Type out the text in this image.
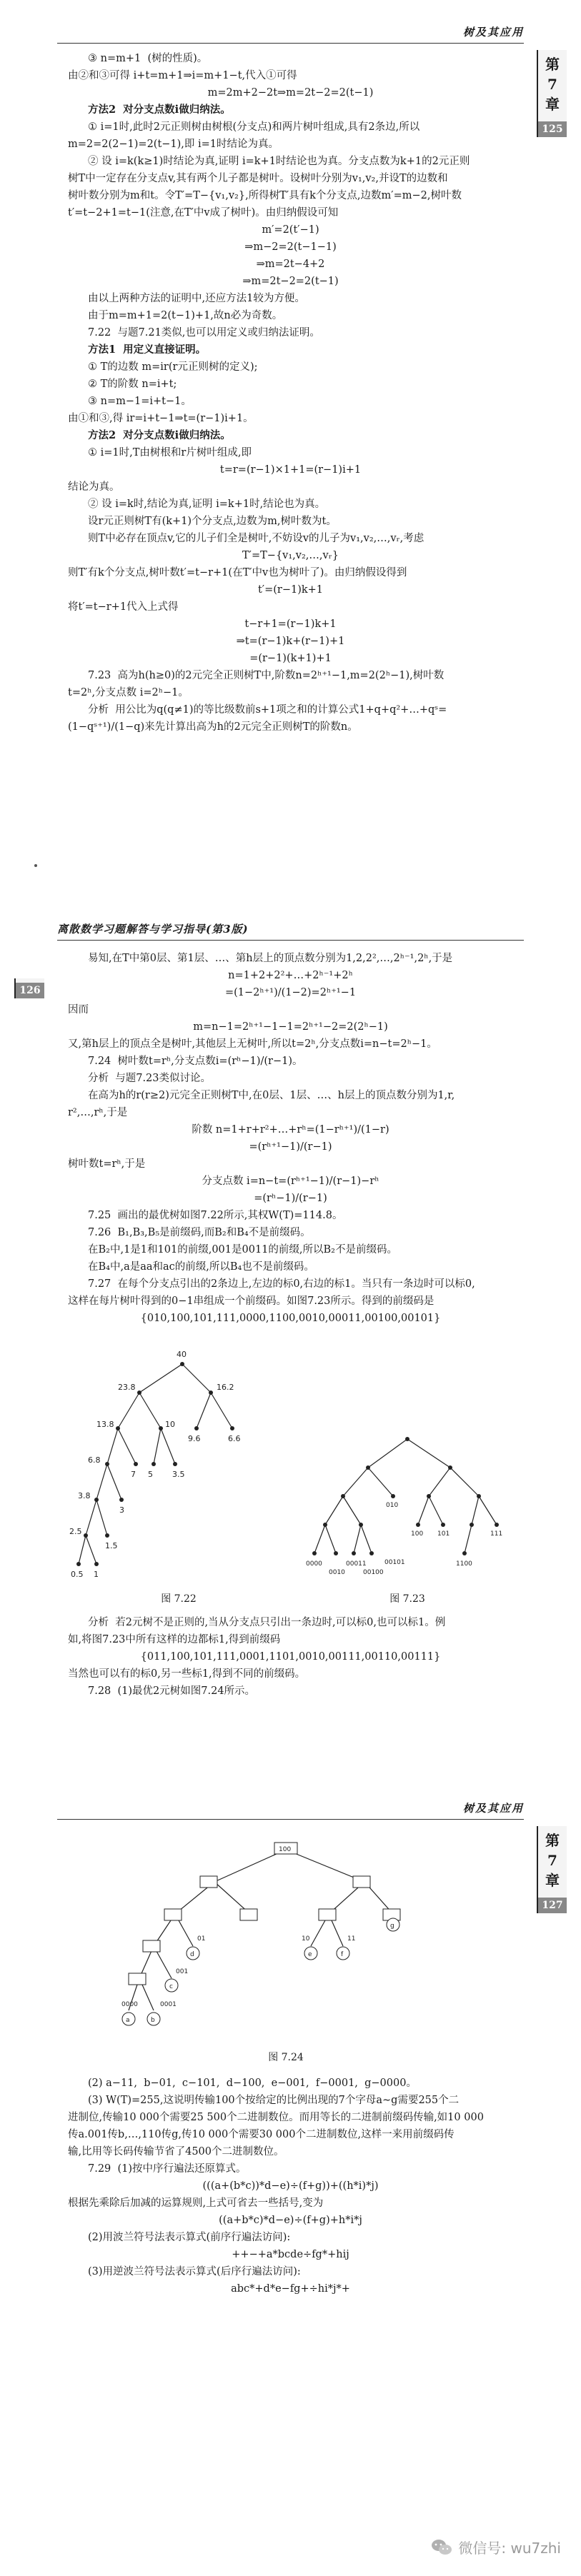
树及其应用
第
7
章
125

③ n=m+1  (树的性质)。

由②和③可得 i+t=m+1⇒i=m+1−t,代入①可得

m=2m+2−2t⇒m=2t−2=2(t−1)

方法2  对分支点数i做归纳法。

① i=1时,此时2元正则树由树根(分支点)和两片树叶组成,具有2条边,所以

m=2=2(2−1)=2(t−1),即 i=1时结论为真。

② 设 i=k(k≥1)时结论为真,证明 i=k+1时结论也为真。分支点数为k+1的2元正则

树T中一定存在分支点v,其有两个儿子都是树叶。设树叶分别为v₁,v₂,并设T的边数和

树叶数分别为m和t。令T′=T−{v₁,v₂},所得树T′具有k个分支点,边数m′=m−2,树叶数

t′=t−2+1=t−1(注意,在T′中v成了树叶)。由归纳假设可知

m′=2(t′−1)

⇒m−2=2(t−1−1)

⇒m=2t−4+2

⇒m=2t−2=2(t−1)

由以上两种方法的证明中,还应方法1较为方便。

由于m=m+1=2(t−1)+1,故n必为奇数。

7.22  与题7.21类似,也可以用定义或归纳法证明。

方法1  用定义直接证明。

① T的边数 m=ir(r元正则树的定义);

② T的阶数 n=i+t;

③ n=m−1=i+t−1。

由①和③,得 ir=i+t−1⇒t=(r−1)i+1。

方法2  对分支点数i做归纳法。

① i=1时,T由树根和r片树叶组成,即

t=r=(r−1)×1+1=(r−1)i+1

结论为真。

② 设 i=k时,结论为真,证明 i=k+1时,结论也为真。

设r元正则树T有(k+1)个分支点,边数为m,树叶数为t。

则T中必存在顶点v,它的儿子们全是树叶,不妨设v的儿子为v₁,v₂,…,vᵣ,考虑

T′=T−{v₁,v₂,…,vᵣ}

则T′有k个分支点,树叶数t′=t−r+1(在T′中v也为树叶了)。由归纳假设得到

t′=(r−1)k+1

将t′=t−r+1代入上式得

t−r+1=(r−1)k+1

⇒t=(r−1)k+(r−1)+1

=(r−1)(k+1)+1

7.23  高为h(h≥0)的2元完全正则树T中,阶数n=2ʰ⁺¹−1,m=2(2ʰ−1),树叶数

t=2ʰ,分支点数 i=2ʰ−1。

分析  用公比为q(q≠1)的等比级数前s+1项之和的计算公式1+q+q²+…+qˢ=

(1−qˢ⁺¹)/(1−q)来先计算出高为h的2元完全正则树T的阶数n。

离散数学习题解答与学习指导(第3版)
126

易知,在T中第0层、第1层、…、第h层上的顶点数分别为1,2,2²,…,2ʰ⁻¹,2ʰ,于是

n=1+2+2²+…+2ʰ⁻¹+2ʰ

=(1−2ʰ⁺¹)/(1−2)=2ʰ⁺¹−1

因而

m=n−1=2ʰ⁺¹−1−1=2ʰ⁺¹−2=2(2ʰ−1)

又,第h层上的顶点全是树叶,其他层上无树叶,所以t=2ʰ,分支点数i=n−t=2ʰ−1。

7.24  树叶数t=rʰ,分支点数i=(rʰ−1)/(r−1)。

分析  与题7.23类似讨论。

在高为h的r(r≥2)元完全正则树T中,在0层、1层、…、h层上的顶点数分别为1,r,

r²,…,rʰ,于是

阶数 n=1+r+r²+…+rʰ=(1−rʰ⁺¹)/(1−r)

=(rʰ⁺¹−1)/(r−1)

树叶数t=rʰ,于是

分支点数 i=n−t=(rʰ⁺¹−1)/(r−1)−rʰ

=(rʰ−1)/(r−1)

7.25  画出的最优树如图7.22所示,其权W(T)=114.8。

7.26  B₁,B₃,B₅是前缀码,而B₂和B₄不是前缀码。

在B₂中,1是1和101的前缀,001是0011的前缀,所以B₂不是前缀码。

在B₄中,a是aa和ac的前缀,所以B₄也不是前缀码。

7.27  在每个分支点引出的2条边上,左边的标0,右边的标1。当只有一条边时可以标0,

这样在每片树叶得到的0−1串组成一个前缀码。如图7.23所示。得到的前缀码是

{010,100,101,111,0000,1100,0010,00011,00100,00101}

40
23.8	16.2
13.8	10
9.6	6.6
6.8
7 5 3.5
3.8
3
2.5
1.5
1
0.5
图 7.22
0000
0010
00011
00100
00101
010
100 101
1100
111
图 7.23

分析  若2元树不是正则的,当从分支点只引出一条边时,可以标0,也可以标1。例

如,将图7.23中所有这样的边都标1,得到前缀码

{011,100,101,111,0001,1101,0010,00111,00110,00111}

当然也可以有的标0,另一些标1,得到不同的前缀码。

7.28  (1)最优2元树如图7.24所示。

树及其应用
第
7
章
127
100
a	b
c
d	e	f
g
0000	0001
001
01	10	11
图 7.24

(2) a−11,  b−01,  c−101,  d−100,  e−001,  f−0001,  g−0000。

(3) W(T)=255,这说明传输100个按给定的比例出现的7个字母a∼g需要255个二

进制位,传输10 000个需要25 500个二进制数位。而用等长的二进制前缀码传输,如10 000

传a.001传b,…,110传g,传10 000个需要30 000个二进制数位,这样一来用前缀码传

输,比用等长码传输节省了4500个二进制数位。

7.29  (1)按中序行遍法还原算式。

(((a+(b*c))*d−e)÷(f+g))+((h*i)*j)

根据先乘除后加减的运算规则,上式可省去一些括号,变为

((a+b*c)*d−e)÷(f+g)+h*i*j

(2)用波兰符号法表示算式(前序行遍法访问):

++−+a*bcde÷fg*+hij

(3)用逆波兰符号法表示算式(后序行遍法访问):

abc*+d*e−fg+÷hi*j*+

微信号: wu7zhi
